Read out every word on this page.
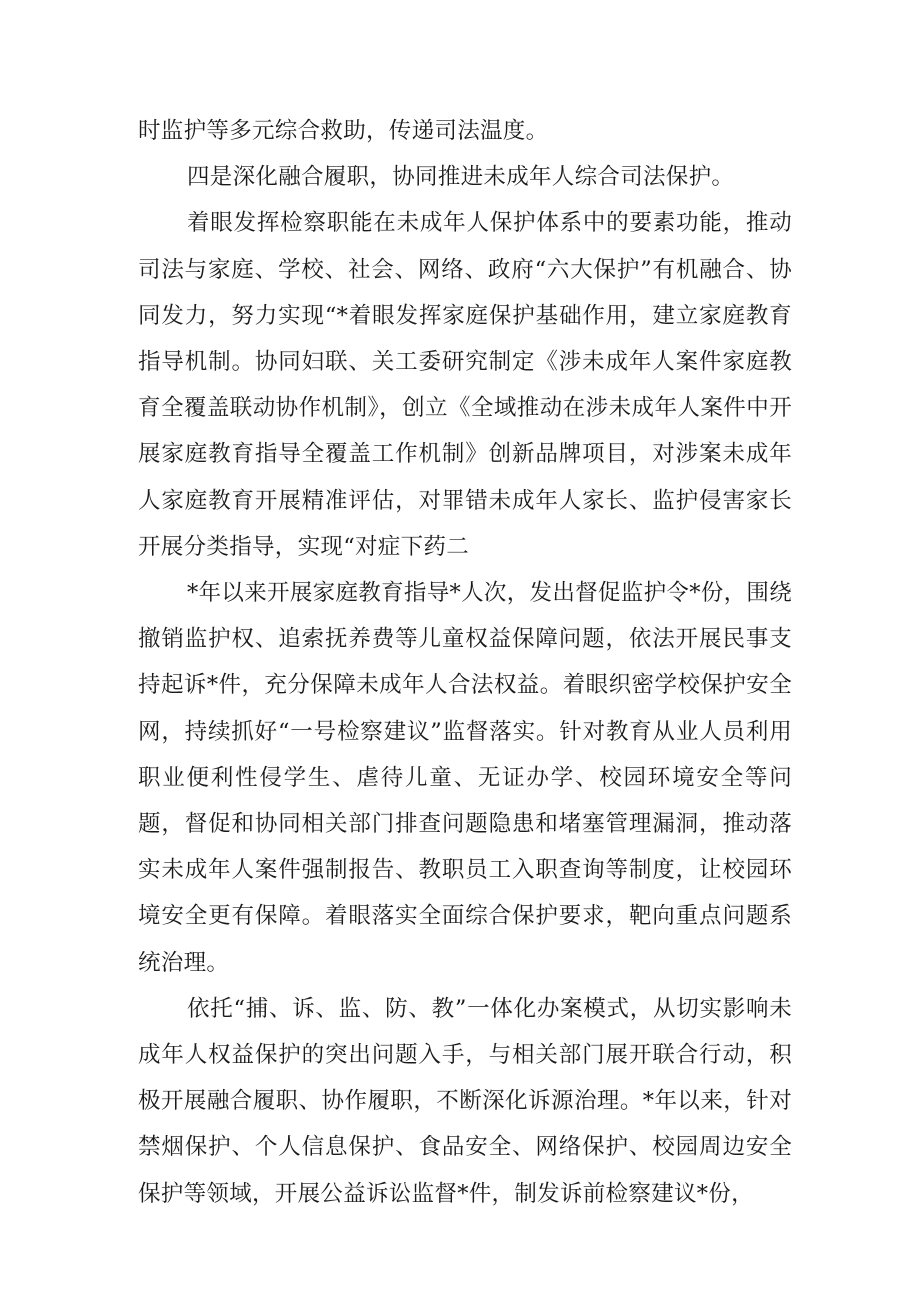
时监护等多元综合救助，传递司法温度。

四是深化融合履职，协同推进未成年人综合司法保护。

着眼发挥检察职能在未成年人保护体系中的要素功能，推动司法与家庭、学校、社会、网络、政府“六大保护”有机融合、协同发力，努力实现“*着眼发挥家庭保护基础作用，建立家庭教育指导机制。协同妇联、关工委研究制定《涉未成年人案件家庭教育全覆盖联动协作机制》，创立《全域推动在涉未成年人案件中开展家庭教育指导全覆盖工作机制》创新品牌项目，对涉案未成年人家庭教育开展精准评估，对罪错未成年人家长、监护侵害家长开展分类指导，实现“对症下药二

*年以来开展家庭教育指导*人次，发出督促监护令*份，围绕撤销监护权、追索抚养费等儿童权益保障问题，依法开展民事支持起诉*件，充分保障未成年人合法权益。着眼织密学校保护安全网，持续抓好“一号检察建议”监督落实。针对教育从业人员利用职业便利性侵学生、虐待儿童、无证办学、校园环境安全等问题，督促和协同相关部门排查问题隐患和堵塞管理漏洞，推动落实未成年人案件强制报告、教职员工入职查询等制度，让校园环境安全更有保障。着眼落实全面综合保护要求，靶向重点问题系统治理。

依托“捕、诉、监、防、教”一体化办案模式，从切实影响未成年人权益保护的突出问题入手，与相关部门展开联合行动，积极开展融合履职、协作履职，不断深化诉源治理。*年以来，针对禁烟保护、个人信息保护、食品安全、网络保护、校园周边安全保护等领域，开展公益诉讼监督*件，制发诉前检察建议*份，
